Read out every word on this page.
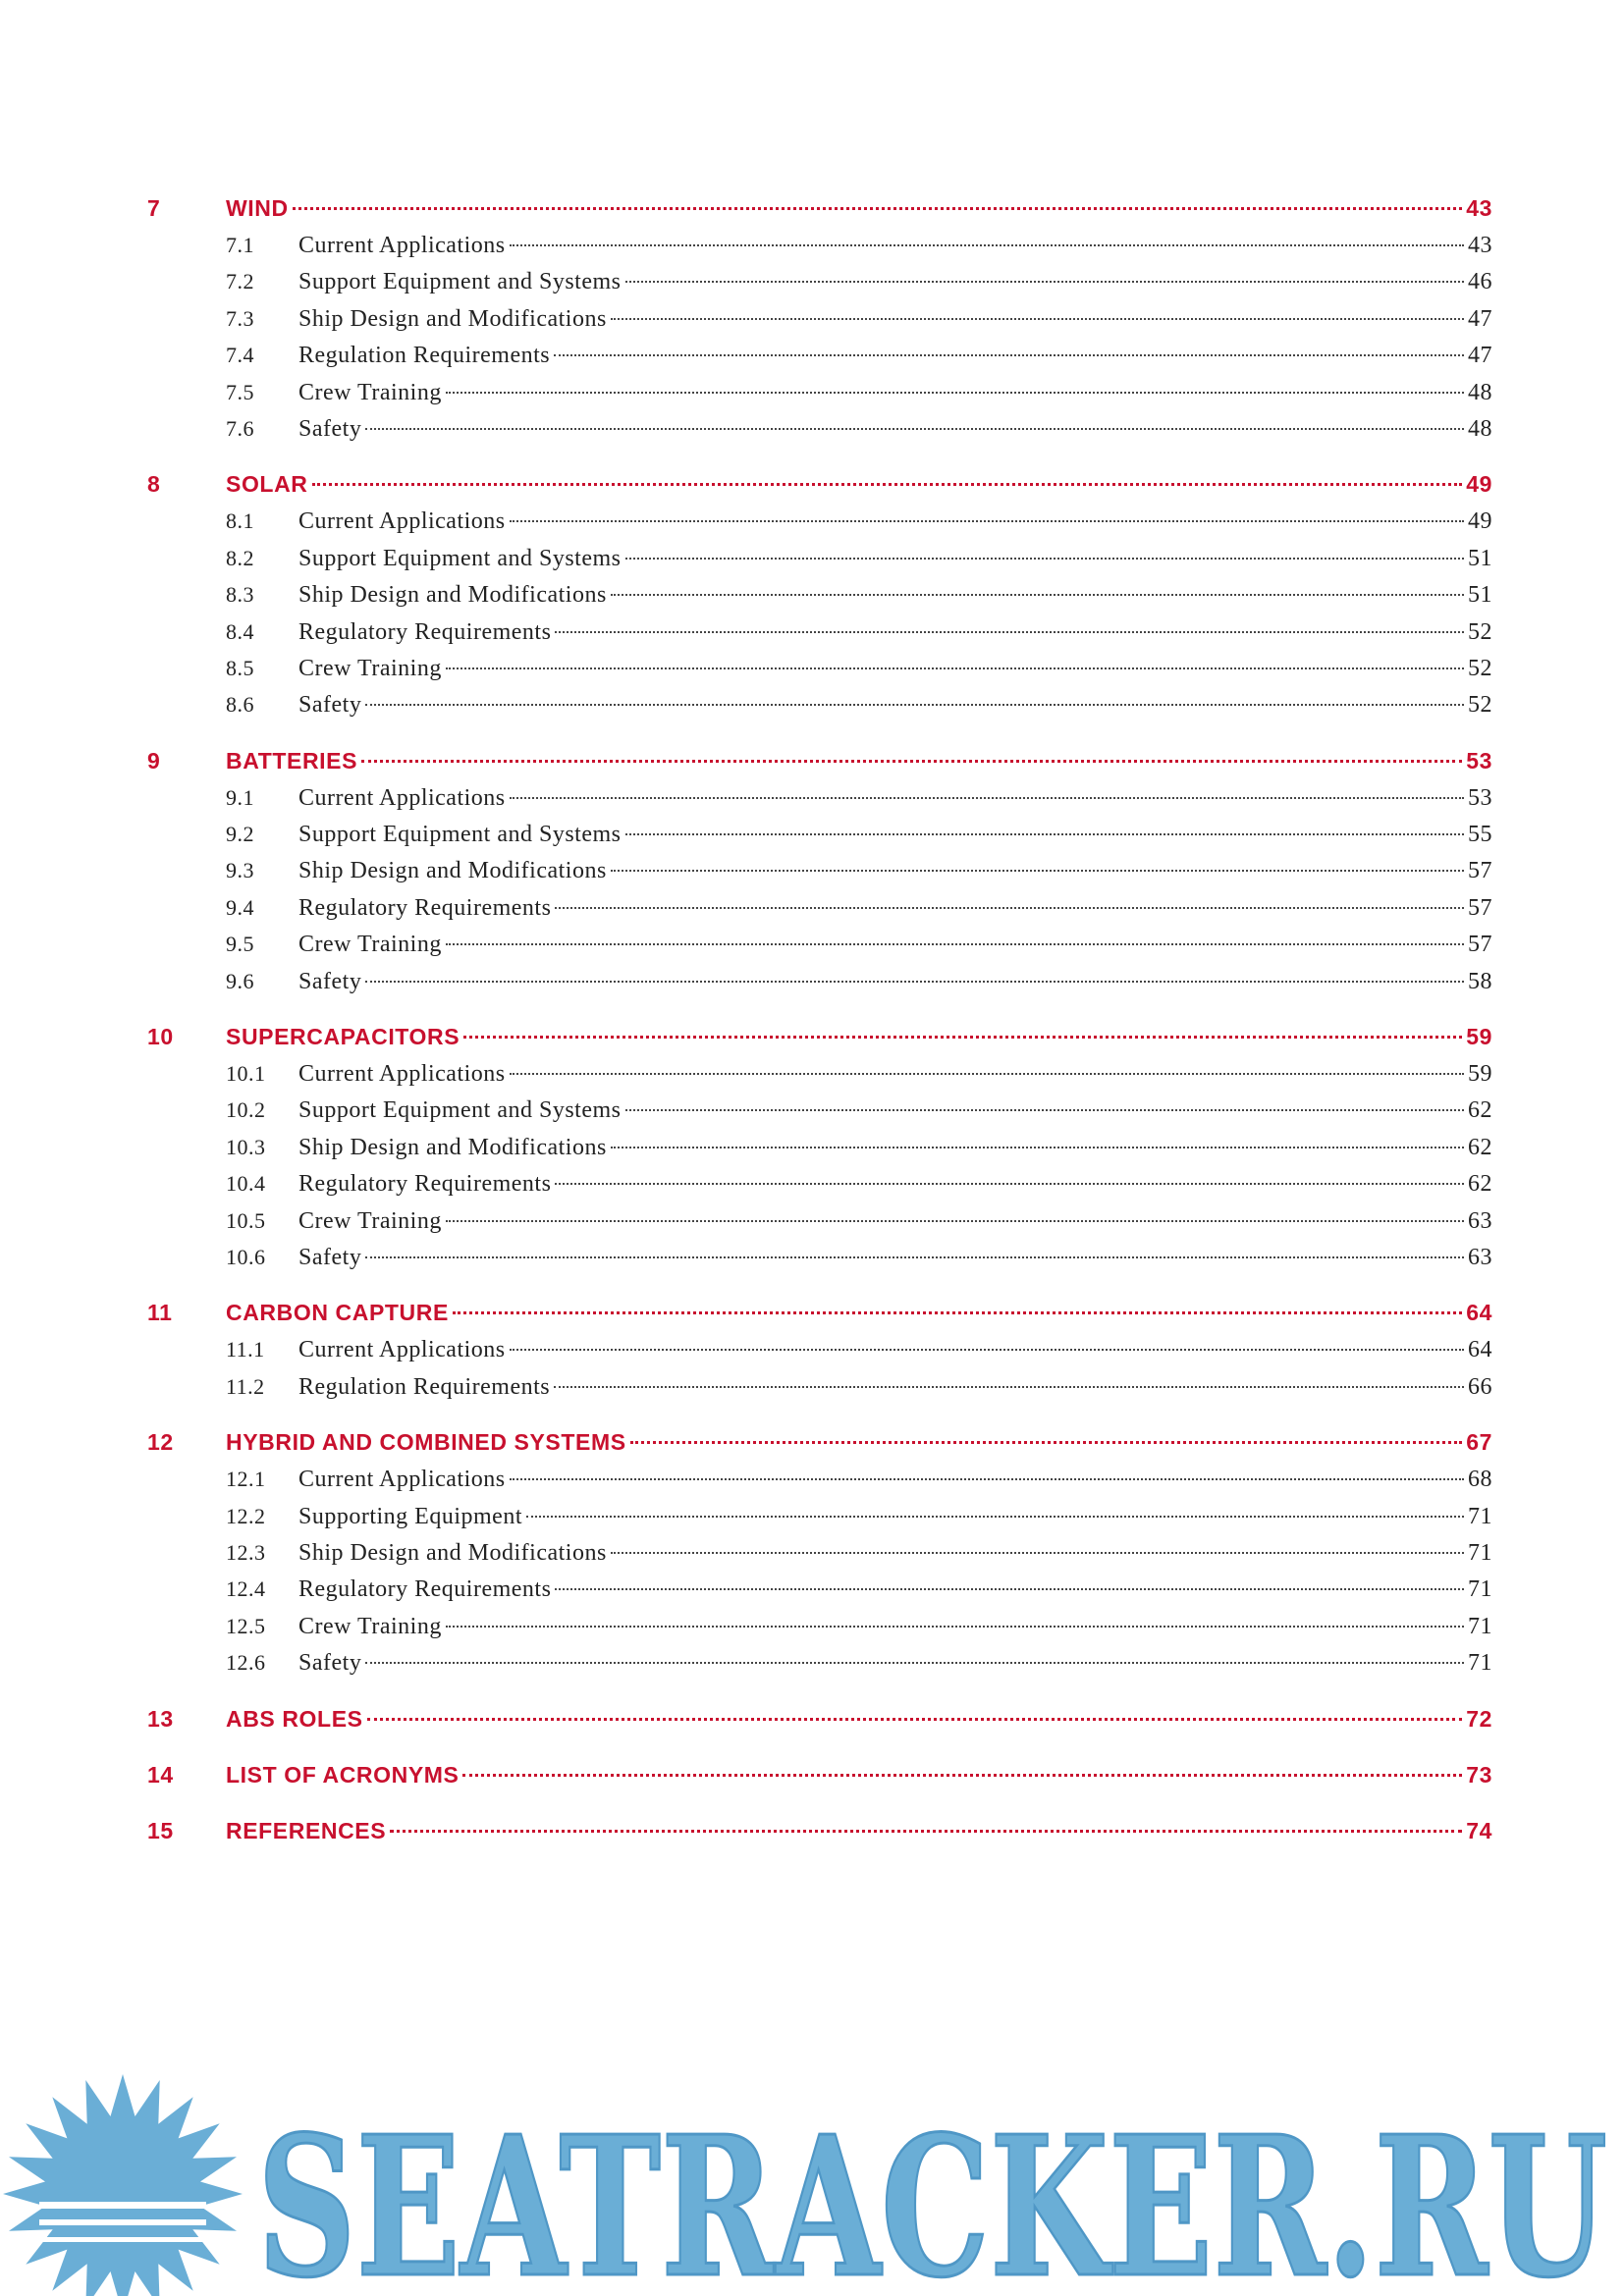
7	WIND	43
7.1	Current Applications	43
7.2	Support Equipment and Systems	46
7.3	Ship Design and Modifications	47
7.4	Regulation Requirements	47
7.5	Crew Training	48
7.6	Safety	48
8	SOLAR	49
8.1	Current Applications	49
8.2	Support Equipment and Systems	51
8.3	Ship Design and Modifications	51
8.4	Regulatory Requirements	52
8.5	Crew Training	52
8.6	Safety	52
9	BATTERIES	53
9.1	Current Applications	53
9.2	Support Equipment and Systems	55
9.3	Ship Design and Modifications	57
9.4	Regulatory Requirements	57
9.5	Crew Training	57
9.6	Safety	58
10	SUPERCAPACITORS	59
10.1	Current Applications	59
10.2	Support Equipment and Systems	62
10.3	Ship Design and Modifications	62
10.4	Regulatory Requirements	62
10.5	Crew Training	63
10.6	Safety	63
11	CARBON CAPTURE	64
11.1	Current Applications	64
11.2	Regulation Requirements	66
12	HYBRID AND COMBINED SYSTEMS	67
12.1	Current Applications	68
12.2	Supporting Equipment	71
12.3	Ship Design and Modifications	71
12.4	Regulatory Requirements	71
12.5	Crew Training	71
12.6	Safety	71
13	ABS ROLES	72
14	LIST OF ACRONYMS	73
15	REFERENCES	74
SEATRACKER.RU
